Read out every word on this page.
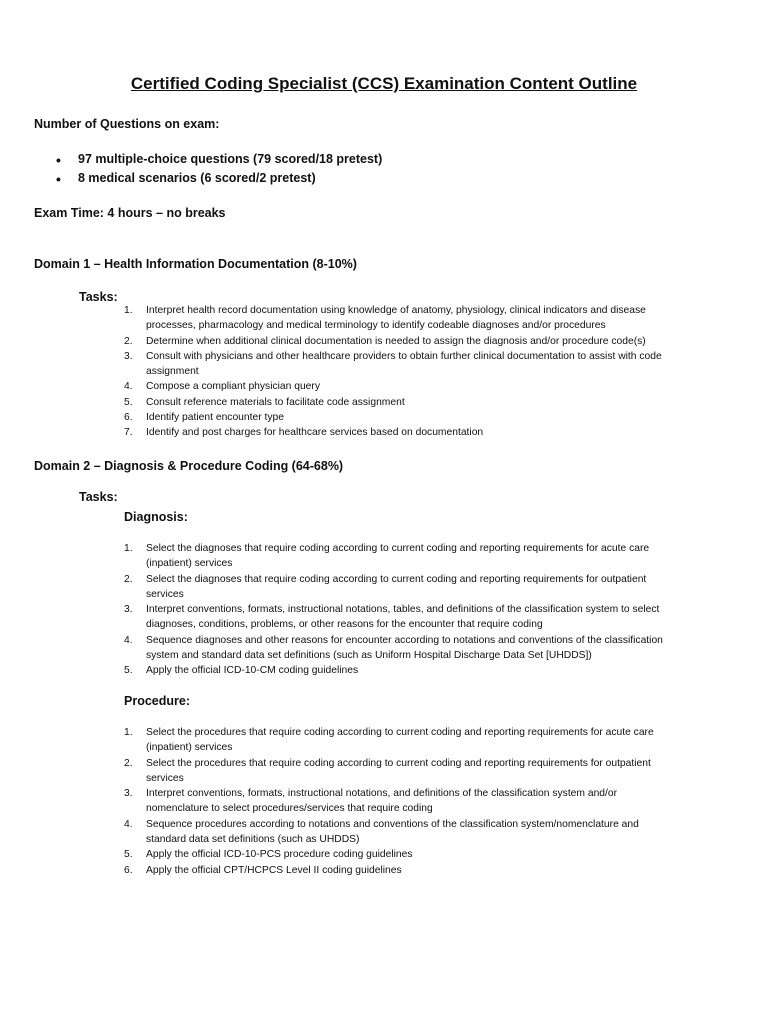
Certified Coding Specialist (CCS) Examination Content Outline
Number of Questions on exam:
• 97 multiple-choice questions (79 scored/18 pretest)
• 8 medical scenarios (6 scored/2 pretest)
Exam Time: 4 hours – no breaks
Domain 1 – Health Information Documentation (8-10%)
Tasks:
1. Interpret health record documentation using knowledge of anatomy, physiology, clinical indicators and disease
processes, pharmacology and medical terminology to identify codeable diagnoses and/or procedures
2. Determine when additional clinical documentation is needed to assign the diagnosis and/or procedure code(s)
3. Consult with physicians and other healthcare providers to obtain further clinical documentation to assist with code
assignment
4. Compose a compliant physician query
5. Consult reference materials to facilitate code assignment
6. Identify patient encounter type
7. Identify and post charges for healthcare services based on documentation
Domain 2 – Diagnosis & Procedure Coding (64-68%)
Tasks:
Diagnosis:
1. Select the diagnoses that require coding according to current coding and reporting requirements for acute care
(inpatient) services
2. Select the diagnoses that require coding according to current coding and reporting requirements for outpatient
services
3. Interpret conventions, formats, instructional notations, tables, and definitions of the classification system to select
diagnoses, conditions, problems, or other reasons for the encounter that require coding
4. Sequence diagnoses and other reasons for encounter according to notations and conventions of the classification
system and standard data set definitions (such as Uniform Hospital Discharge Data Set [UHDDS])
5. Apply the official ICD-10-CM coding guidelines
Procedure:
1. Select the procedures that require coding according to current coding and reporting requirements for acute care
(inpatient) services
2. Select the procedures that require coding according to current coding and reporting requirements for outpatient
services
3. Interpret conventions, formats, instructional notations, and definitions of the classification system and/or
nomenclature to select procedures/services that require coding
4. Sequence procedures according to notations and conventions of the classification system/nomenclature and
standard data set definitions (such as UHDDS)
5. Apply the official ICD-10-PCS procedure coding guidelines
6. Apply the official CPT/HCPCS Level II coding guidelines
